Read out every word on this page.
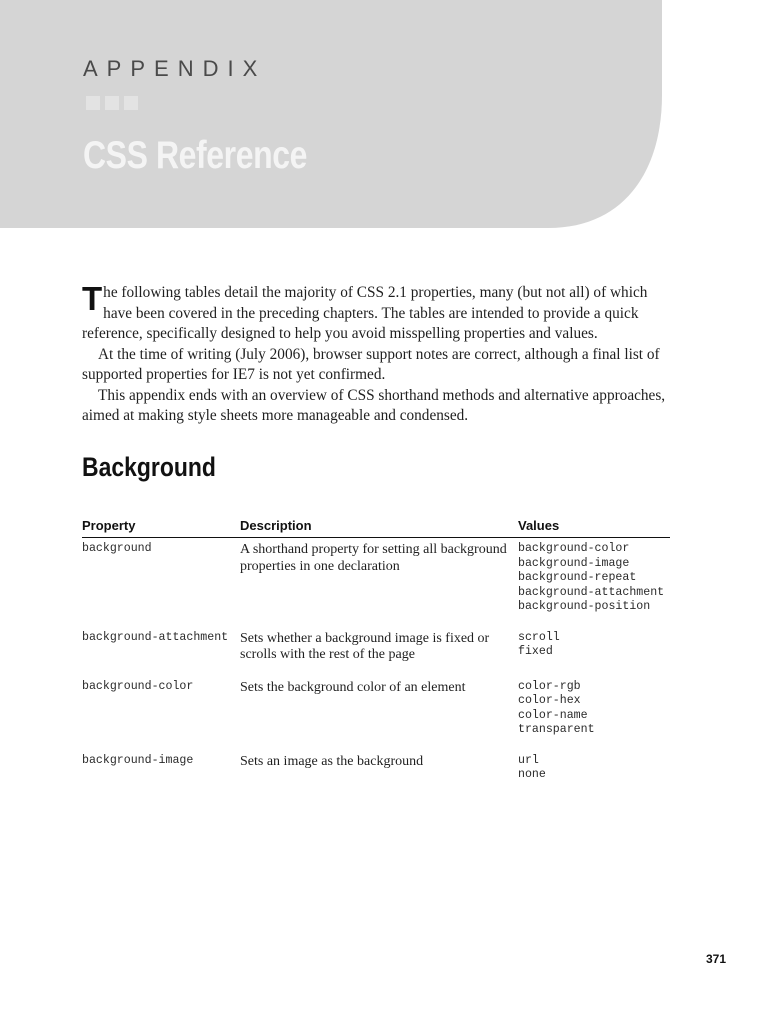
APPENDIX
CSS Reference

The following tables detail the majority of CSS 2.1 properties, many (but not all) of which have been covered in the preceding chapters. The tables are intended to provide a quick reference, specifically designed to help you avoid misspelling properties and values.

At the time of writing (July 2006), browser support notes are correct, although a final list of supported properties for IE7 is not yet confirmed.

This appendix ends with an overview of CSS shorthand methods and alternative approaches, aimed at making style sheets more manageable and condensed.

Background
Property	Description	Values
background	A shorthand property for setting all background properties in one declaration	background-color
background-image
background-repeat
background-attachment
background-position

background-attachment	Sets whether a background image is fixed or scrolls with the rest of the page	scroll
fixed

background-color	Sets the background color of an element	color-rgb
color-hex
color-name
transparent

background-image	Sets an image as the background	url
none
371
